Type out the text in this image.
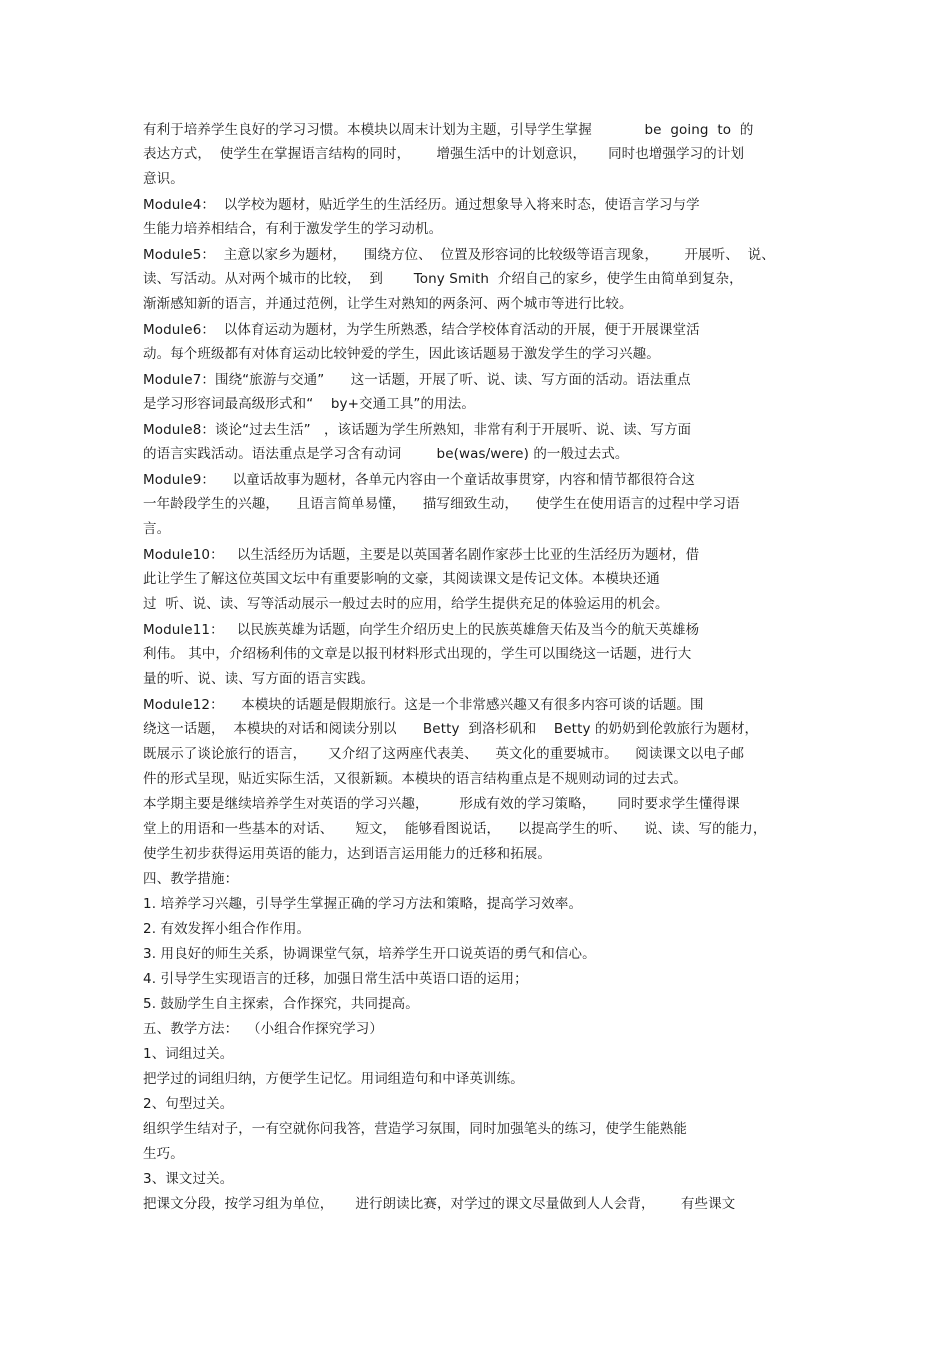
有利于培养学生良好的学习习惯。本模块以周末计划为主题，引导学生掌握            be  going  to  的
表达方式，  使学生在掌握语言结构的同时，      增强生活中的计划意识，     同时也增强学习的计划
意识。
Module4：  以学校为题材，贴近学生的生活经历。通过想象导入将来时态，使语言学习与学
生能力培养相结合，有利于激发学生的学习动机。
Module5：  主意以家乡为题材，    围绕方位、  位置及形容词的比较级等语言现象，      开展听、  说、
读、写活动。从对两个城市的比较，  到       Tony Smith  介绍自己的家乡，使学生由简单到复杂，
渐渐感知新的语言，并通过范例，让学生对熟知的两条河、两个城市等进行比较。
Module6：  以体育运动为题材，为学生所熟悉，结合学校体育活动的开展，便于开展课堂活
动。每个班级都有对体育运动比较钟爱的学生，因此该话题易于激发学生的学习兴趣。
Module7：围绕“旅游与交通”      这一话题，开展了听、说、读、写方面的活动。语法重点
是学习形容词最高级形式和“    by+交通工具”的用法。
Module8：谈论“过去生活”   ，该话题为学生所熟知，非常有利于开展听、说、读、写方面
的语言实践活动。语法重点是学习含有动词        be(was/were) 的一般过去式。
Module9：    以童话故事为题材，各单元内容由一个童话故事贯穿，内容和情节都很符合这
一年龄段学生的兴趣，    且语言简单易懂，    描写细致生动，    使学生在使用语言的过程中学习语
言。
Module10：   以生活经历为话题，主要是以英国著名剧作家莎士比亚的生活经历为题材，借
此让学生了解这位英国文坛中有重要影响的文豪，其阅读课文是传记文体。本模块还通
过  听、说、读、写等活动展示一般过去时的应用，给学生提供充足的体验运用的机会。
Module11：   以民族英雄为话题，向学生介绍历史上的民族英雄詹天佑及当今的航天英雄杨
利伟。 其中，介绍杨利伟的文章是以报刊材料形式出现的，学生可以围绕这一话题，进行大
量的听、说、读、写方面的语言实践。
Module12：    本模块的话题是假期旅行。这是一个非常感兴趣又有很多内容可谈的话题。围
绕这一话题，  本模块的对话和阅读分别以      Betty  到洛杉矶和    Betty 的奶奶到伦敦旅行为题材，
既展示了谈论旅行的语言，     又介绍了这两座代表美、    英文化的重要城市。    阅读课文以电子邮
件的形式呈现，贴近实际生活，又很新颖。本模块的语言结构重点是不规则动词的过去式。
本学期主要是继续培养学生对英语的学习兴趣，       形成有效的学习策略，     同时要求学生懂得课
堂上的用语和一些基本的对话、     短文，  能够看图说话，    以提高学生的听、    说、读、写的能力，
使学生初步获得运用英语的能力，达到语言运用能力的迁移和拓展。
四、教学措施：
1. 培养学习兴趣，引导学生掌握正确的学习方法和策略，提高学习效率。
2. 有效发挥小组合作作用。
3. 用良好的师生关系，协调课堂气氛，培养学生开口说英语的勇气和信心。
4. 引导学生实现语言的迁移，加强日常生活中英语口语的运用；
5. 鼓励学生自主探索，合作探究，共同提高。
五、教学方法：  （小组合作探究学习）
1、词组过关。
把学过的词组归纳，方便学生记忆。用词组造句和中译英训练。
2、句型过关。
组织学生结对子，一有空就你问我答，营造学习氛围，同时加强笔头的练习，使学生能熟能
生巧。
3、课文过关。
把课文分段，按学习组为单位，     进行朗读比赛，对学过的课文尽量做到人人会背，      有些课文
